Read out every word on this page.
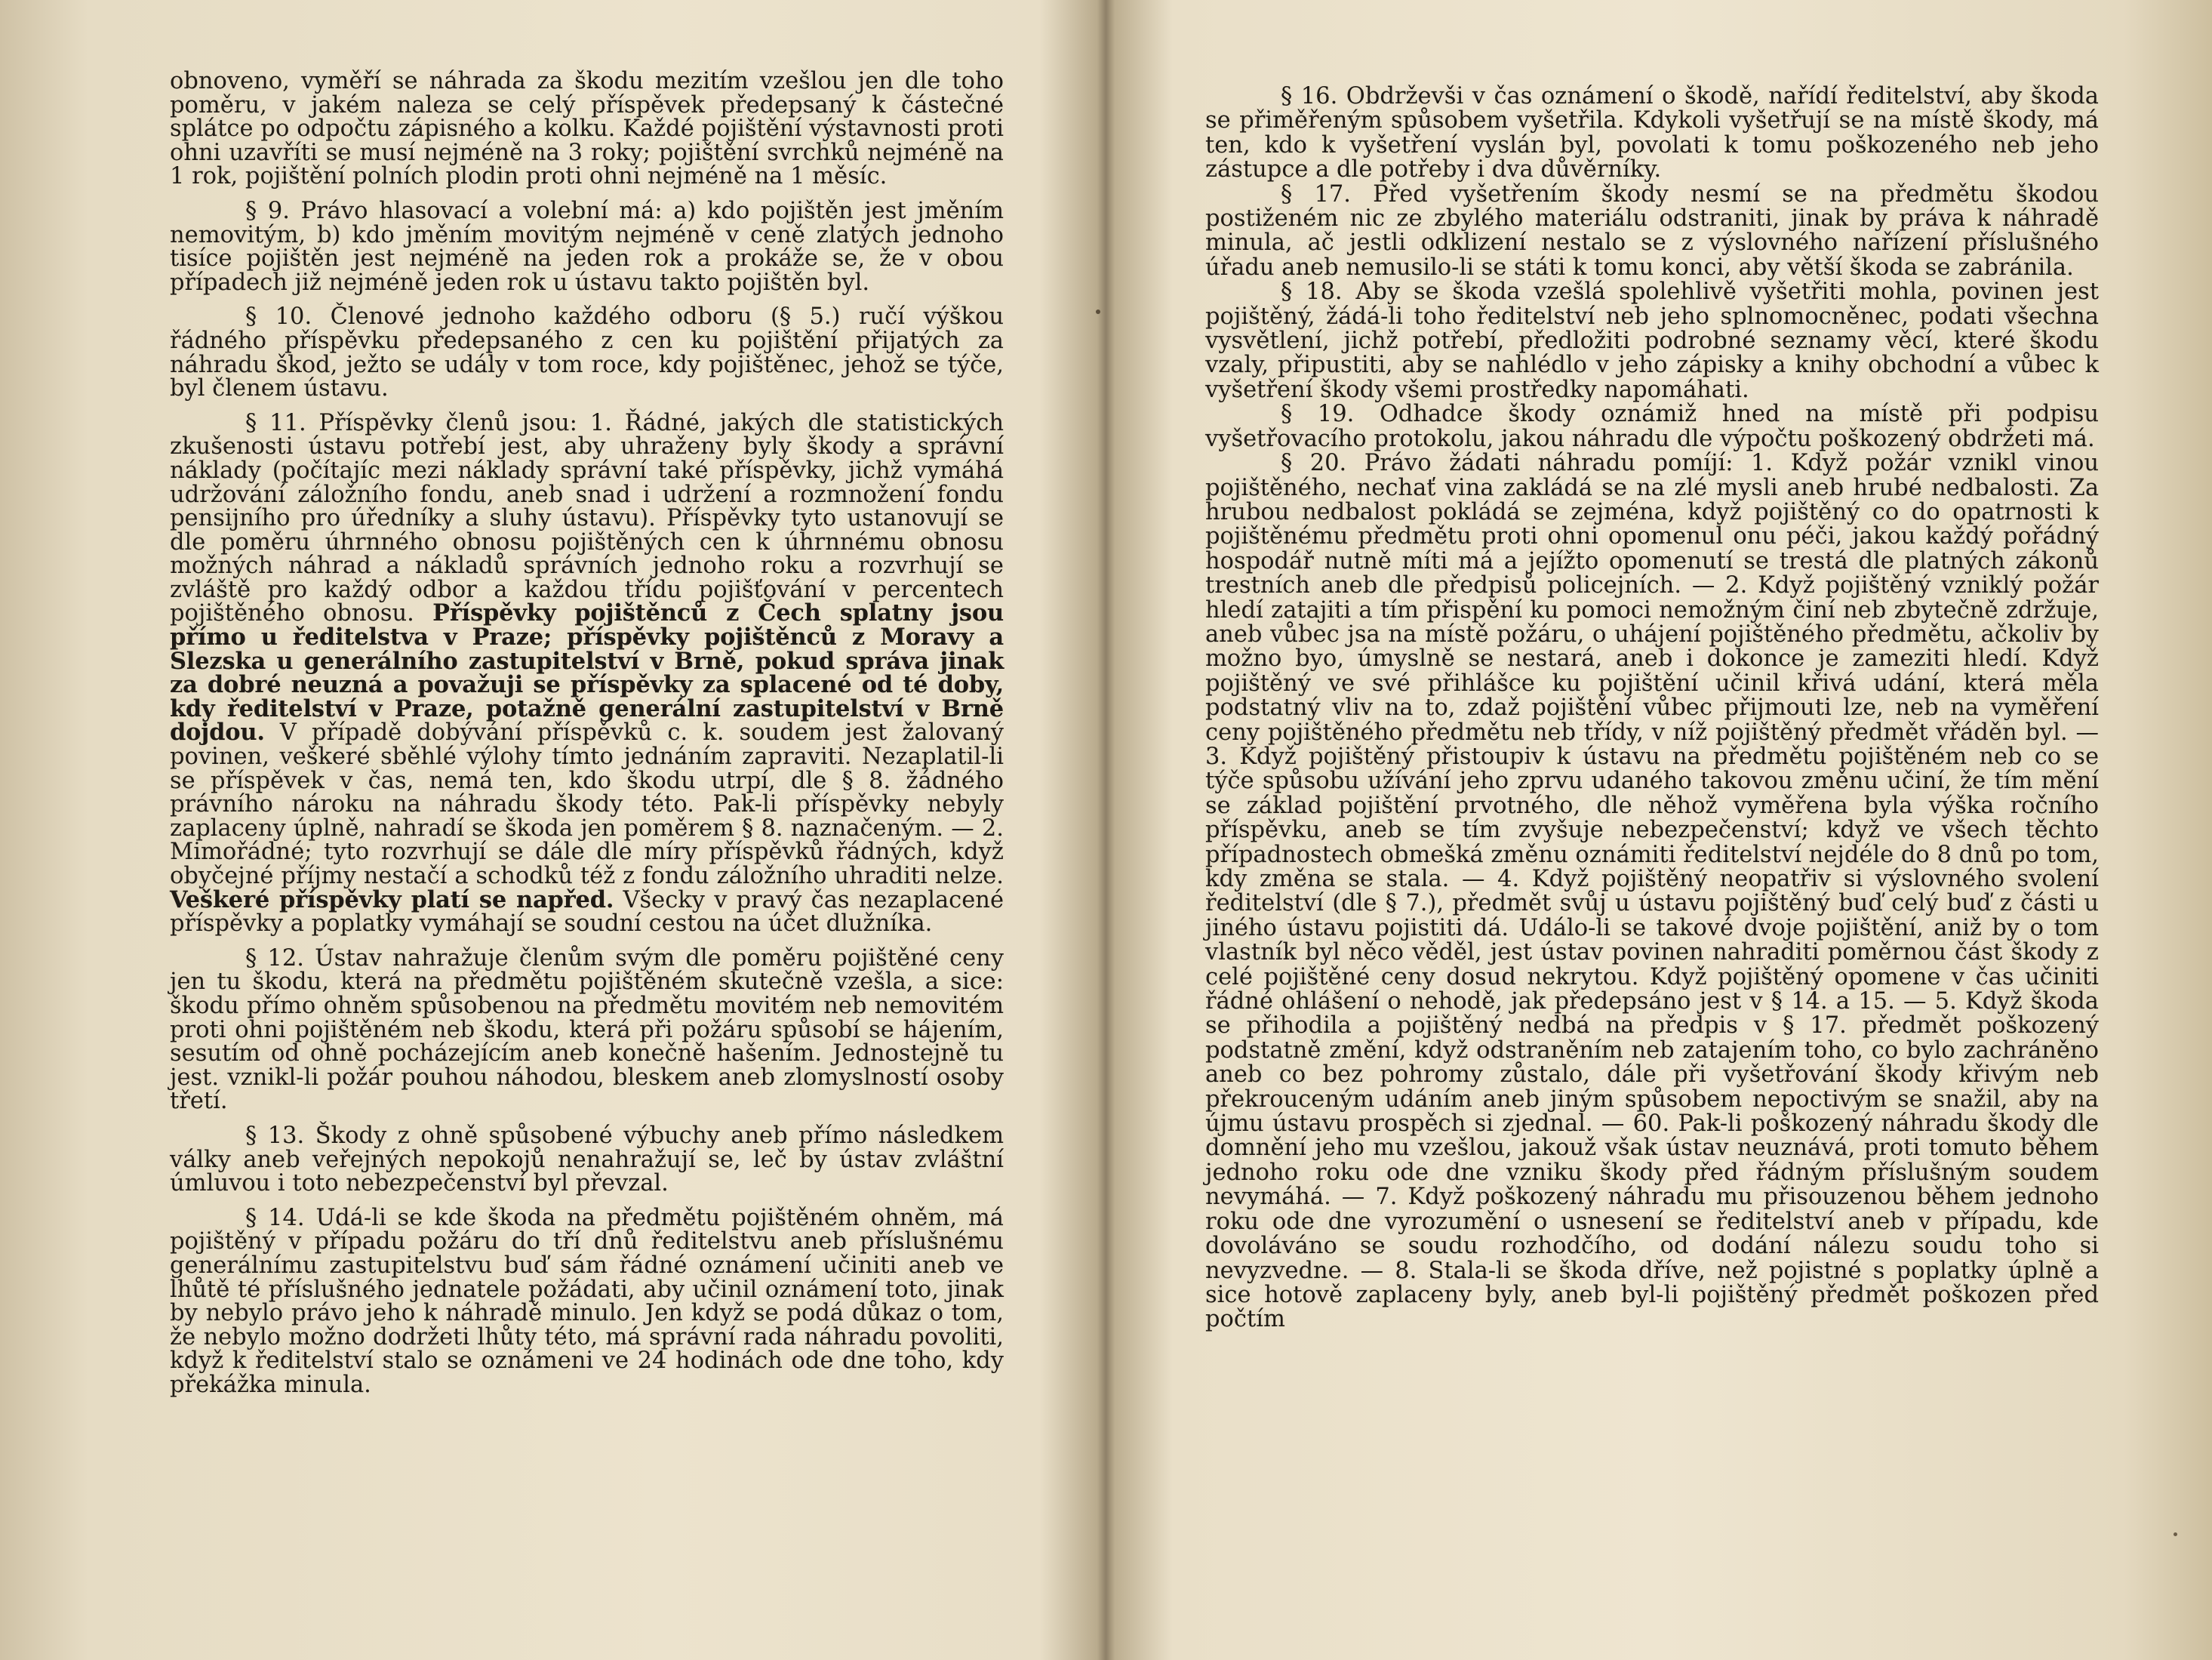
obnoveno, vyměří se náhrada za škodu mezitím vzešlou jen dle toho poměru, v jakém naleza se celý příspěvek předepsaný k částečné splátce po odpočtu zápisného a kolku. Každé pojištění výstavnosti proti ohni uzavříti se musí nejméně na 3 roky; pojištění svrchků nejméně na 1 rok, pojištění polních plodin proti ohni nejméně na 1 měsíc.

§ 9. Právo hlasovací a volební má: a) kdo pojištěn jest jměním nemovitým, b) kdo jměním movitým nejméně v ceně zlatých jednoho tisíce pojištěn jest nejméně na jeden rok a prokáže se, že v obou případech již nejméně jeden rok u ústavu takto pojištěn byl.

§ 10. Členové jednoho každého odboru (§ 5.) ručí výškou řádného příspěvku předepsaného z cen ku pojištění přijatých za náhradu škod, ježto se udály v tom roce, kdy pojištěnec, jehož se týče, byl členem ústavu.

§ 11. Příspěvky členů jsou: 1. Řádné, jakých dle statistických zkušenosti ústavu potřebí jest, aby uhraženy byly škody a správní náklady (počítajíc mezi náklady správní také příspěvky, jichž vymáhá udržování záložního fondu, aneb snad i udržení a rozmnožení fondu pensijního pro úředníky a sluhy ústavu). Příspěvky tyto ustanovují se dle poměru úhrnného obnosu pojištěných cen k úhrnnému obnosu možných náhrad a nákladů správních jednoho roku a rozvrhují se zvláště pro každý odbor a každou třídu pojišťování v percentech pojištěného obnosu. Příspěvky pojištěnců z Čech splatny jsou přímo u ředitelstva v Praze; příspěvky pojištěnců z Moravy a Slezska u generálního zastupitelství v Brně, pokud správa jinak za dobré neuzná a považuji se příspěvky za splacené od té doby, kdy ředitelství v Praze, potažně generální zastupitelství v Brně dojdou. V případě dobývání příspěvků c. k. soudem jest žalovaný povinen, veškeré sběhlé výlohy tímto jednáním zapraviti. Nezaplatil-li se příspěvek v čas, nemá ten, kdo škodu utrpí, dle § 8. žádného právního nároku na náhradu škody této. Pak-li příspěvky nebyly zaplaceny úplně, nahradí se škoda jen poměrem § 8. naznačeným. — 2. Mimořádné; tyto rozvrhují se dále dle míry příspěvků řádných, když obyčejné příjmy nestačí a schodků též z fondu záložního uhraditi nelze. Veškeré příspěvky platí se napřed. Všecky v pravý čas nezaplacené příspěvky a poplatky vymáhají se soudní cestou na účet dlužníka.

§ 12. Ústav nahražuje členům svým dle poměru pojištěné ceny jen tu škodu, která na předmětu pojištěném skutečně vzešla, a sice: škodu přímo ohněm spůsobenou na předmětu movitém neb nemovitém proti ohni pojištěném neb škodu, která při požáru spůsobí se hájením, sesutím od ohně pocházejícím aneb konečně hašením. Jednostejně tu jest. vznikl-li požár pouhou náhodou, bleskem aneb zlomyslností osoby třetí.

§ 13. Škody z ohně spůsobené výbuchy aneb přímo následkem války aneb veřejných nepokojů nenahražují se, leč by ústav zvláštní úmluvou i toto nebezpečenství byl převzal.

§ 14. Udá-li se kde škoda na předmětu pojištěném ohněm, má pojištěný v případu požáru do tří dnů ředitelstvu aneb příslušnému generálnímu zastupitelstvu buď sám řádné oznámení učiniti aneb ve lhůtě té příslušného jednatele požádati, aby učinil oznámení toto, jinak by nebylo právo jeho k náhradě minulo. Jen když se podá důkaz o tom, že nebylo možno dodržeti lhůty této, má správní rada náhradu povoliti, když k ředitelství stalo se oznámeni ve 24 hodinách ode dne toho, kdy překážka minula.

§ 16. Obdrževši v čas oznámení o škodě, nařídí ředitelství, aby škoda se přiměřeným spůsobem vyšetřila. Kdykoli vyšetřují se na místě škody, má ten, kdo k vyšetření vyslán byl, povolati k tomu poškozeného neb jeho zástupce a dle potřeby i dva důvěrníky.

§ 17. Před vyšetřením škody nesmí se na předmětu škodou postiženém nic ze zbylého materiálu odstraniti, jinak by práva k náhradě minula, ač jestli odklizení nestalo se z výslovného nařízení příslušného úřadu aneb nemusilo-li se státi k tomu konci, aby větší škoda se zabránila.

§ 18. Aby se škoda vzešlá spolehlivě vyšetřiti mohla, povinen jest pojištěný, žádá-li toho ředitelství neb jeho splnomocněnec, podati všechna vysvětlení, jichž potřebí, předložiti podrobné seznamy věcí, které škodu vzaly, připustiti, aby se nahlédlo v jeho zápisky a knihy obchodní a vůbec k vyšetření škody všemi prostředky napomáhati.

§ 19. Odhadce škody oznámiž hned na místě při podpisu vyšetřovacího protokolu, jakou náhradu dle výpočtu poškozený obdržeti má.

§ 20. Právo žádati náhradu pomíjí: 1. Když požár vznikl vinou pojištěného, nechať vina zakládá se na zlé mysli aneb hrubé nedbalosti. Za hrubou nedbalost pokládá se zejména, když pojištěný co do opatrnosti k pojištěnému předmětu proti ohni opomenul onu péči, jakou každý pořádný hospodář nutně míti má a jejížto opomenutí se trestá dle platných zákonů trestních aneb dle předpisů policejních. — 2. Když pojištěný vzniklý požár hledí zatajiti a tím přispění ku pomoci nemožným činí neb zbytečně zdržuje, aneb vůbec jsa na místě požáru, o uhájení pojištěného předmětu, ačkoliv by možno byo, úmyslně se nestará, aneb i dokonce je zameziti hledí. Když pojištěný ve své přihlášce ku pojištění učinil křivá udání, která měla podstatný vliv na to, zdaž pojištění vůbec přijmouti lze, neb na vyměření ceny pojištěného předmětu neb třídy, v níž pojištěný předmět vřáděn byl. — 3. Když pojištěný přistoupiv k ústavu na předmětu pojištěném neb co se týče spůsobu užívání jeho zprvu udaného takovou změnu učiní, že tím mění se základ pojištění prvotného, dle něhož vyměřena byla výška ročního příspěvku, aneb se tím zvyšuje nebezpečenství; když ve všech těchto případnostech obmešká změnu oznámiti ředitelství nejdéle do 8 dnů po tom, kdy změna se stala. — 4. Když pojištěný neopatřiv si výslovného svolení ředitelství (dle § 7.), předmět svůj u ústavu pojištěný buď celý buď z části u jiného ústavu pojistiti dá. Událo-li se takové dvoje pojištění, aniž by o tom vlastník byl něco věděl, jest ústav povinen nahraditi poměrnou část škody z celé pojištěné ceny dosud nekrytou. Když pojištěný opomene v čas učiniti řádné ohlášení o nehodě, jak předepsáno jest v § 14. a 15. — 5. Když škoda se přihodila a pojištěný nedbá na předpis v § 17. předmět poškozený podstatně změní, když odstraněním neb zatajením toho, co bylo zachráněno aneb co bez pohromy zůstalo, dále při vyšetřování škody křivým neb překrouceným udáním aneb jiným spůsobem nepoctivým se snažil, aby na újmu ústavu prospěch si zjednal. — 60. Pak-li poškozený náhradu škody dle domnění jeho mu vzešlou, jakouž však ústav neuznává, proti tomuto během jednoho roku ode dne vzniku škody před řádným příslušným soudem nevymáhá. — 7. Když poškozený náhradu mu přisouzenou během jednoho roku ode dne vyrozumění o usnesení se ředitelství aneb v případu, kde dovoláváno se soudu rozhodčího, od dodání nálezu soudu toho si nevyzvedne. — 8. Stala-li se škoda dříve, než pojistné s poplatky úplně a sice hotově zaplaceny byly, aneb byl-li pojištěný předmět poškozen před počtím
